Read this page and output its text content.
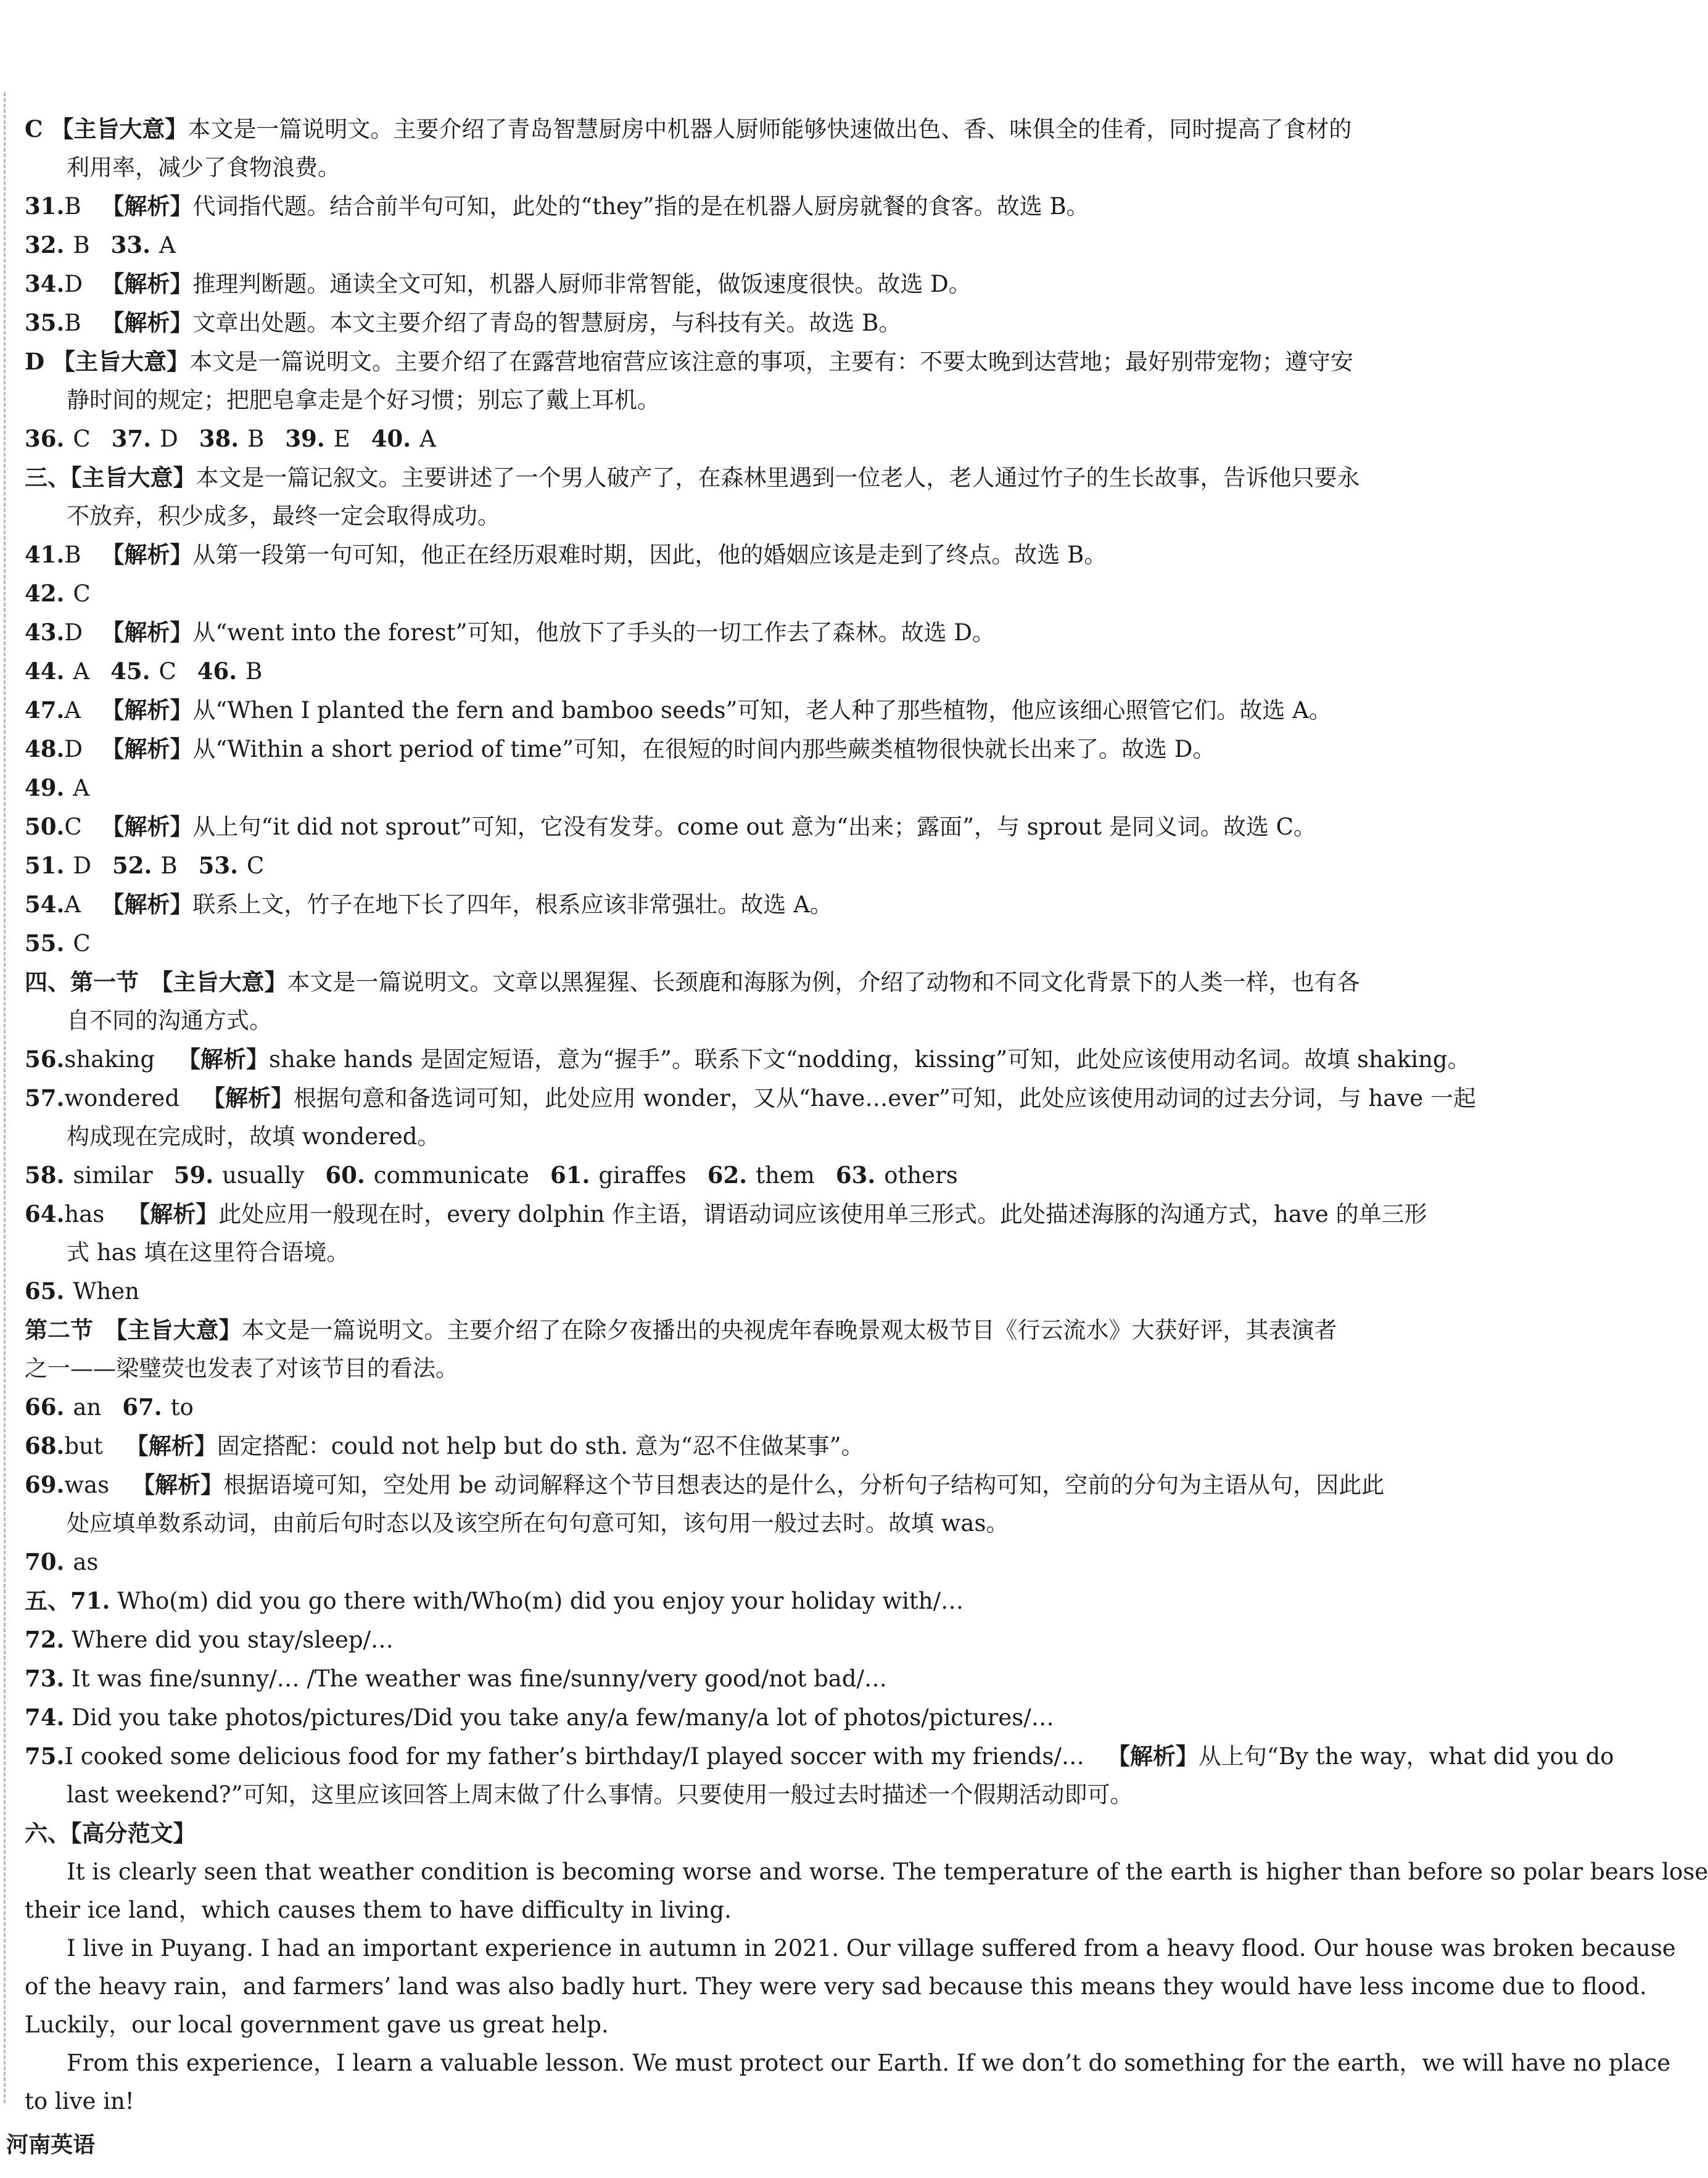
C 【主旨大意】本文是一篇说明文。主要介绍了青岛智慧厨房中机器人厨师能够快速做出色、香、味俱全的佳肴，同时提高了食材的
利用率，减少了食物浪费。
31.B 【解析】代词指代题。结合前半句可知，此处的“they”指的是在机器人厨房就餐的食客。故选 B。
32. B 33. A
34.D 【解析】推理判断题。通读全文可知，机器人厨师非常智能，做饭速度很快。故选 D。
35.B 【解析】文章出处题。本文主要介绍了青岛的智慧厨房，与科技有关。故选 B。
D 【主旨大意】本文是一篇说明文。主要介绍了在露营地宿营应该注意的事项，主要有：不要太晚到达营地；最好别带宠物；遵守安
静时间的规定；把肥皂拿走是个好习惯；别忘了戴上耳机。
36. C 37. D 38. B 39. E 40. A
三、【主旨大意】本文是一篇记叙文。主要讲述了一个男人破产了，在森林里遇到一位老人，老人通过竹子的生长故事，告诉他只要永
不放弃，积少成多，最终一定会取得成功。
41.B 【解析】从第一段第一句可知，他正在经历艰难时期，因此，他的婚姻应该是走到了终点。故选 B。
42. C
43.D 【解析】从“went into the forest”可知，他放下了手头的一切工作去了森林。故选 D。
44. A 45. C 46. B
47.A 【解析】从“When I planted the fern and bamboo seeds”可知，老人种了那些植物，他应该细心照管它们。故选 A。
48.D 【解析】从“Within a short period of time”可知，在很短的时间内那些蕨类植物很快就长出来了。故选 D。
49. A
50.C 【解析】从上句“it did not sprout”可知，它没有发芽。come out 意为“出来；露面”，与 sprout 是同义词。故选 C。
51. D 52. B 53. C
54.A 【解析】联系上文，竹子在地下长了四年，根系应该非常强壮。故选 A。
55. C
四、第一节　【主旨大意】本文是一篇说明文。文章以黑猩猩、长颈鹿和海豚为例，介绍了动物和不同文化背景下的人类一样，也有各
自不同的沟通方式。
56.shaking　【解析】shake hands 是固定短语，意为“握手”。联系下文“nodding，kissing”可知，此处应该使用动名词。故填 shaking。
57.wondered　【解析】根据句意和备选词可知，此处应用 wonder，又从“have…ever”可知，此处应该使用动词的过去分词，与 have 一起
构成现在完成时，故填 wondered。
58. similar 59. usually 60. communicate 61. giraffes 62. them 63. others
64.has　【解析】此处应用一般现在时，every dolphin 作主语，谓语动词应该使用单三形式。此处描述海豚的沟通方式，have 的单三形
式 has 填在这里符合语境。
65. When
第二节　【主旨大意】本文是一篇说明文。主要介绍了在除夕夜播出的央视虎年春晚景观太极节目《行云流水》大获好评，其表演者
之一——梁璧荧也发表了对该节目的看法。
66. an 67. to
68.but　【解析】固定搭配：could not help but do sth. 意为“忍不住做某事”。
69.was　【解析】根据语境可知，空处用 be 动词解释这个节目想表达的是什么，分析句子结构可知，空前的分句为主语从句，因此此
处应填单数系动词，由前后句时态以及该空所在句句意可知，该句用一般过去时。故填 was。
70. as
五、71. Who(m) did you go there with/Who(m) did you enjoy your holiday with/…
72. Where did you stay/sleep/…
73. It was fine/sunny/… /The weather was fine/sunny/very good/not bad/…
74. Did you take photos/pictures/Did you take any/a few/many/a lot of photos/pictures/…
75.I cooked some delicious food for my father’s birthday/I played soccer with my friends/…　【解析】从上句“By the way，what did you do
last weekend?”可知，这里应该回答上周末做了什么事情。只要使用一般过去时描述一个假期活动即可。
六、【高分范文】
It is clearly seen that weather condition is becoming worse and worse. The temperature of the earth is higher than before so polar bears lose
their ice land，which causes them to have difficulty in living.
I live in Puyang. I had an important experience in autumn in 2021. Our village suffered from a heavy flood. Our house was broken because
of the heavy rain，and farmers’ land was also badly hurt. They were very sad because this means they would have less income due to flood.
Luckily，our local government gave us great help.
From this experience，I learn a valuable lesson. We must protect our Earth. If we don’t do something for the earth，we will have no place
to live in!
河南英语
